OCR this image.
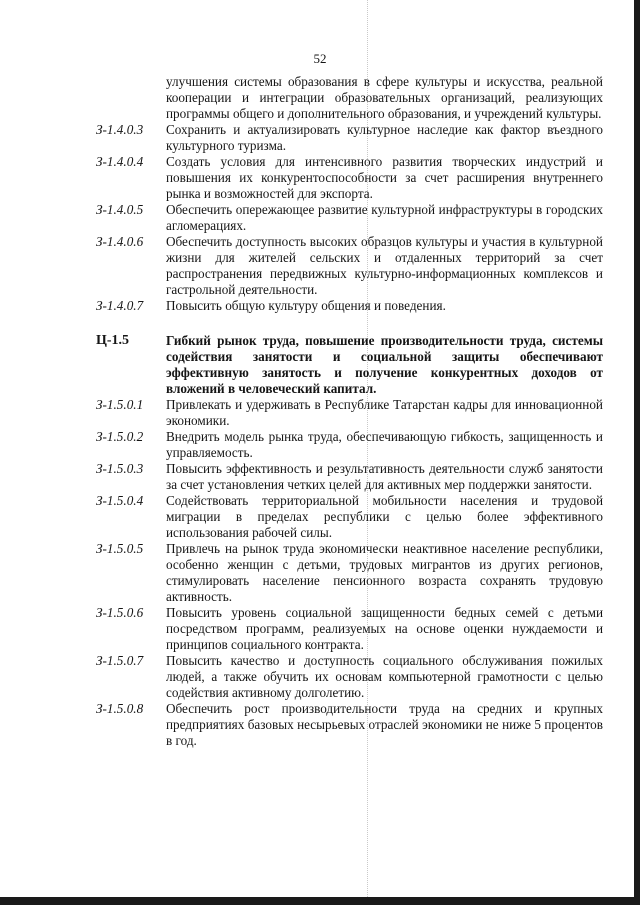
52
улучшения системы образования в сфере культуры и искусства, реальной кооперации и интеграции образовательных организаций, реализующих программы общего и дополнительного образования, и учреждений культуры.
З-1.4.0.3	Сохранить и актуализировать культурное наследие как фактор въездного культурного туризма.
З-1.4.0.4	Создать условия для интенсивного развития творческих индустрий и повышения их конкурентоспособности за счет расширения внутреннего рынка и возможностей для экспорта.
З-1.4.0.5	Обеспечить опережающее развитие культурной инфраструктуры в городских агломерациях.
З-1.4.0.6	Обеспечить доступность высоких образцов культуры и участия в культурной жизни для жителей сельских и отдаленных территорий за счет распространения передвижных культурно-информационных комплексов и гастрольной деятельности.
З-1.4.0.7	Повысить общую культуру общения и поведения.
Ц-1.5	Гибкий рынок труда, повышение производительности труда, системы содействия занятости и социальной защиты обеспечивают эффективную занятость и получение конкурентных доходов от вложений в человеческий капитал.
З-1.5.0.1	Привлекать и удерживать в Республике Татарстан кадры для инновационной экономики.
З-1.5.0.2	Внедрить модель рынка труда, обеспечивающую гибкость, защищенность и управляемость.
З-1.5.0.3	Повысить эффективность и результативность деятельности служб занятости за счет установления четких целей для активных мер поддержки занятости.
З-1.5.0.4	Содействовать территориальной мобильности населения и трудовой миграции в пределах республики с целью более эффективного использования рабочей силы.
З-1.5.0.5	Привлечь на рынок труда экономически неактивное население республики, особенно женщин с детьми, трудовых мигрантов из других регионов, стимулировать население пенсионного возраста сохранять трудовую активность.
З-1.5.0.6	Повысить уровень социальной защищенности бедных семей с детьми посредством программ, реализуемых на основе оценки нуждаемости и принципов социального контракта.
З-1.5.0.7	Повысить качество и доступность социального обслуживания пожилых людей, а также обучить их основам компьютерной грамотности с целью содействия активному долголетию.
З-1.5.0.8	Обеспечить рост производительности труда на средних и крупных предприятиях базовых несырьевых отраслей экономики не ниже 5 процентов в год.
